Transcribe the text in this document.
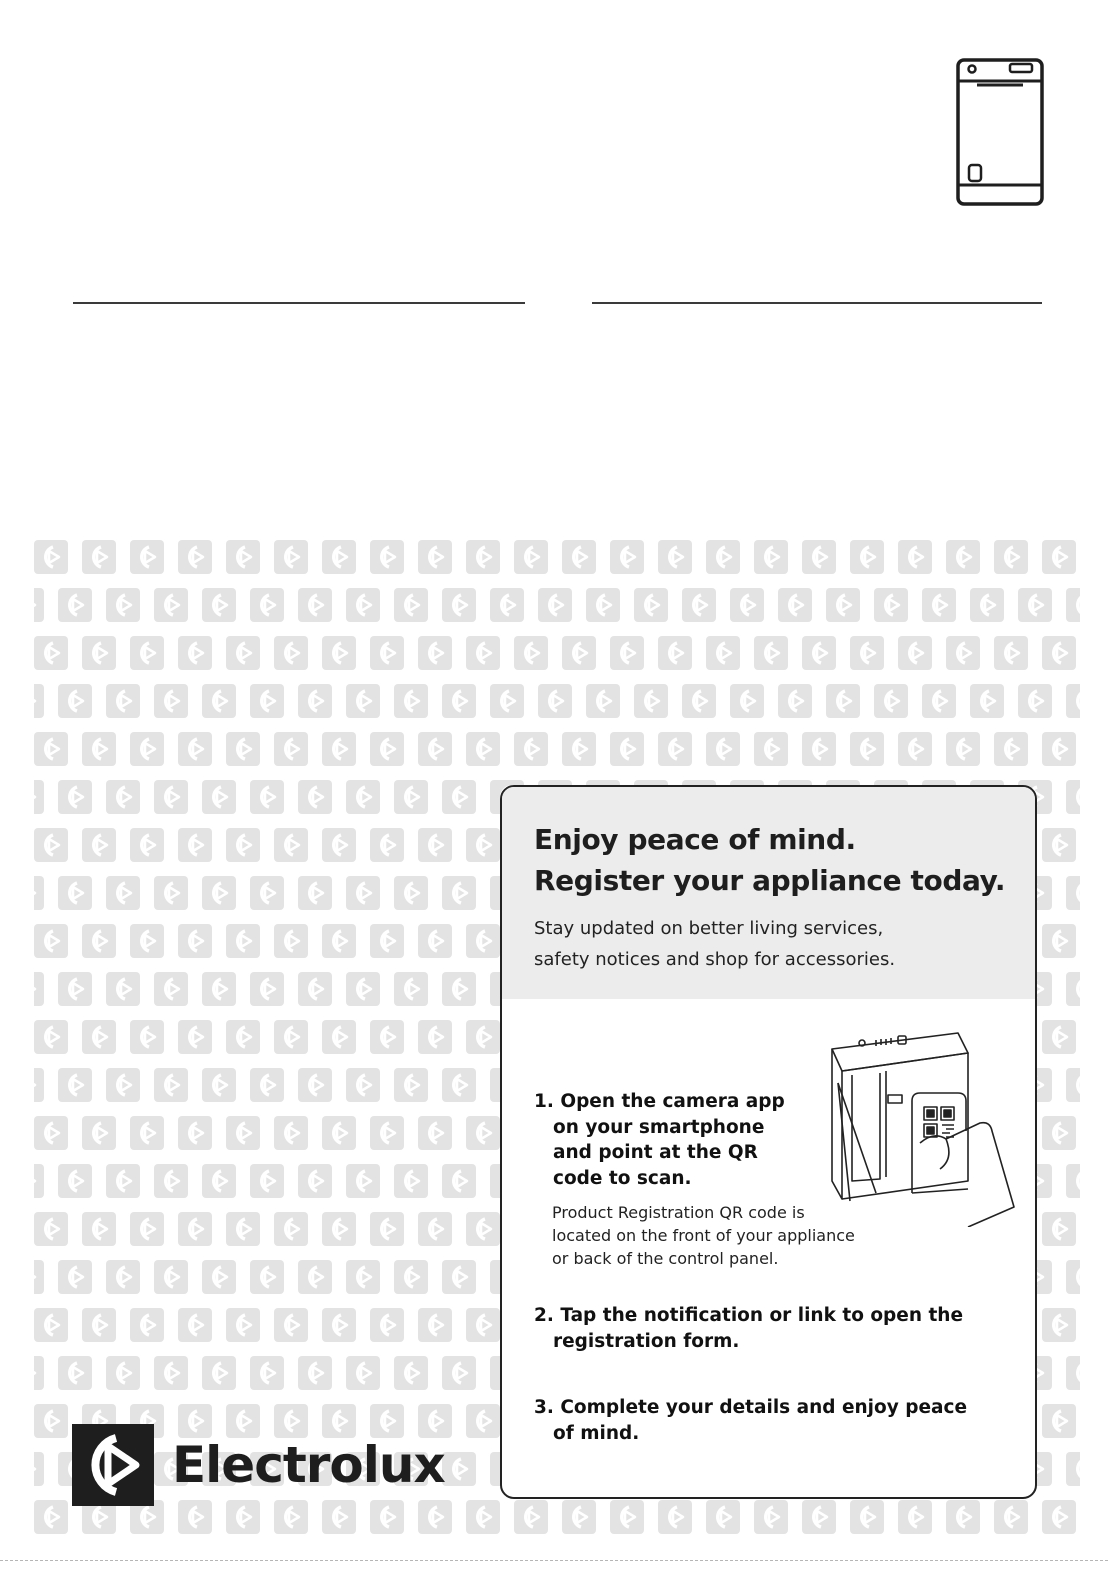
Electrolux
Enjoy peace of mind.
Register your appliance today.

Stay updated on better living services,
safety notices and shop for accessories.

1. Open the camera app
on your smartphone
and point at the QR
code to scan.
Product Registration QR code is
located on the front of your appliance
or back of the control panel.
2. Tap the notification or link to open the
registration form.
3. Complete your details and enjoy peace
of mind.
